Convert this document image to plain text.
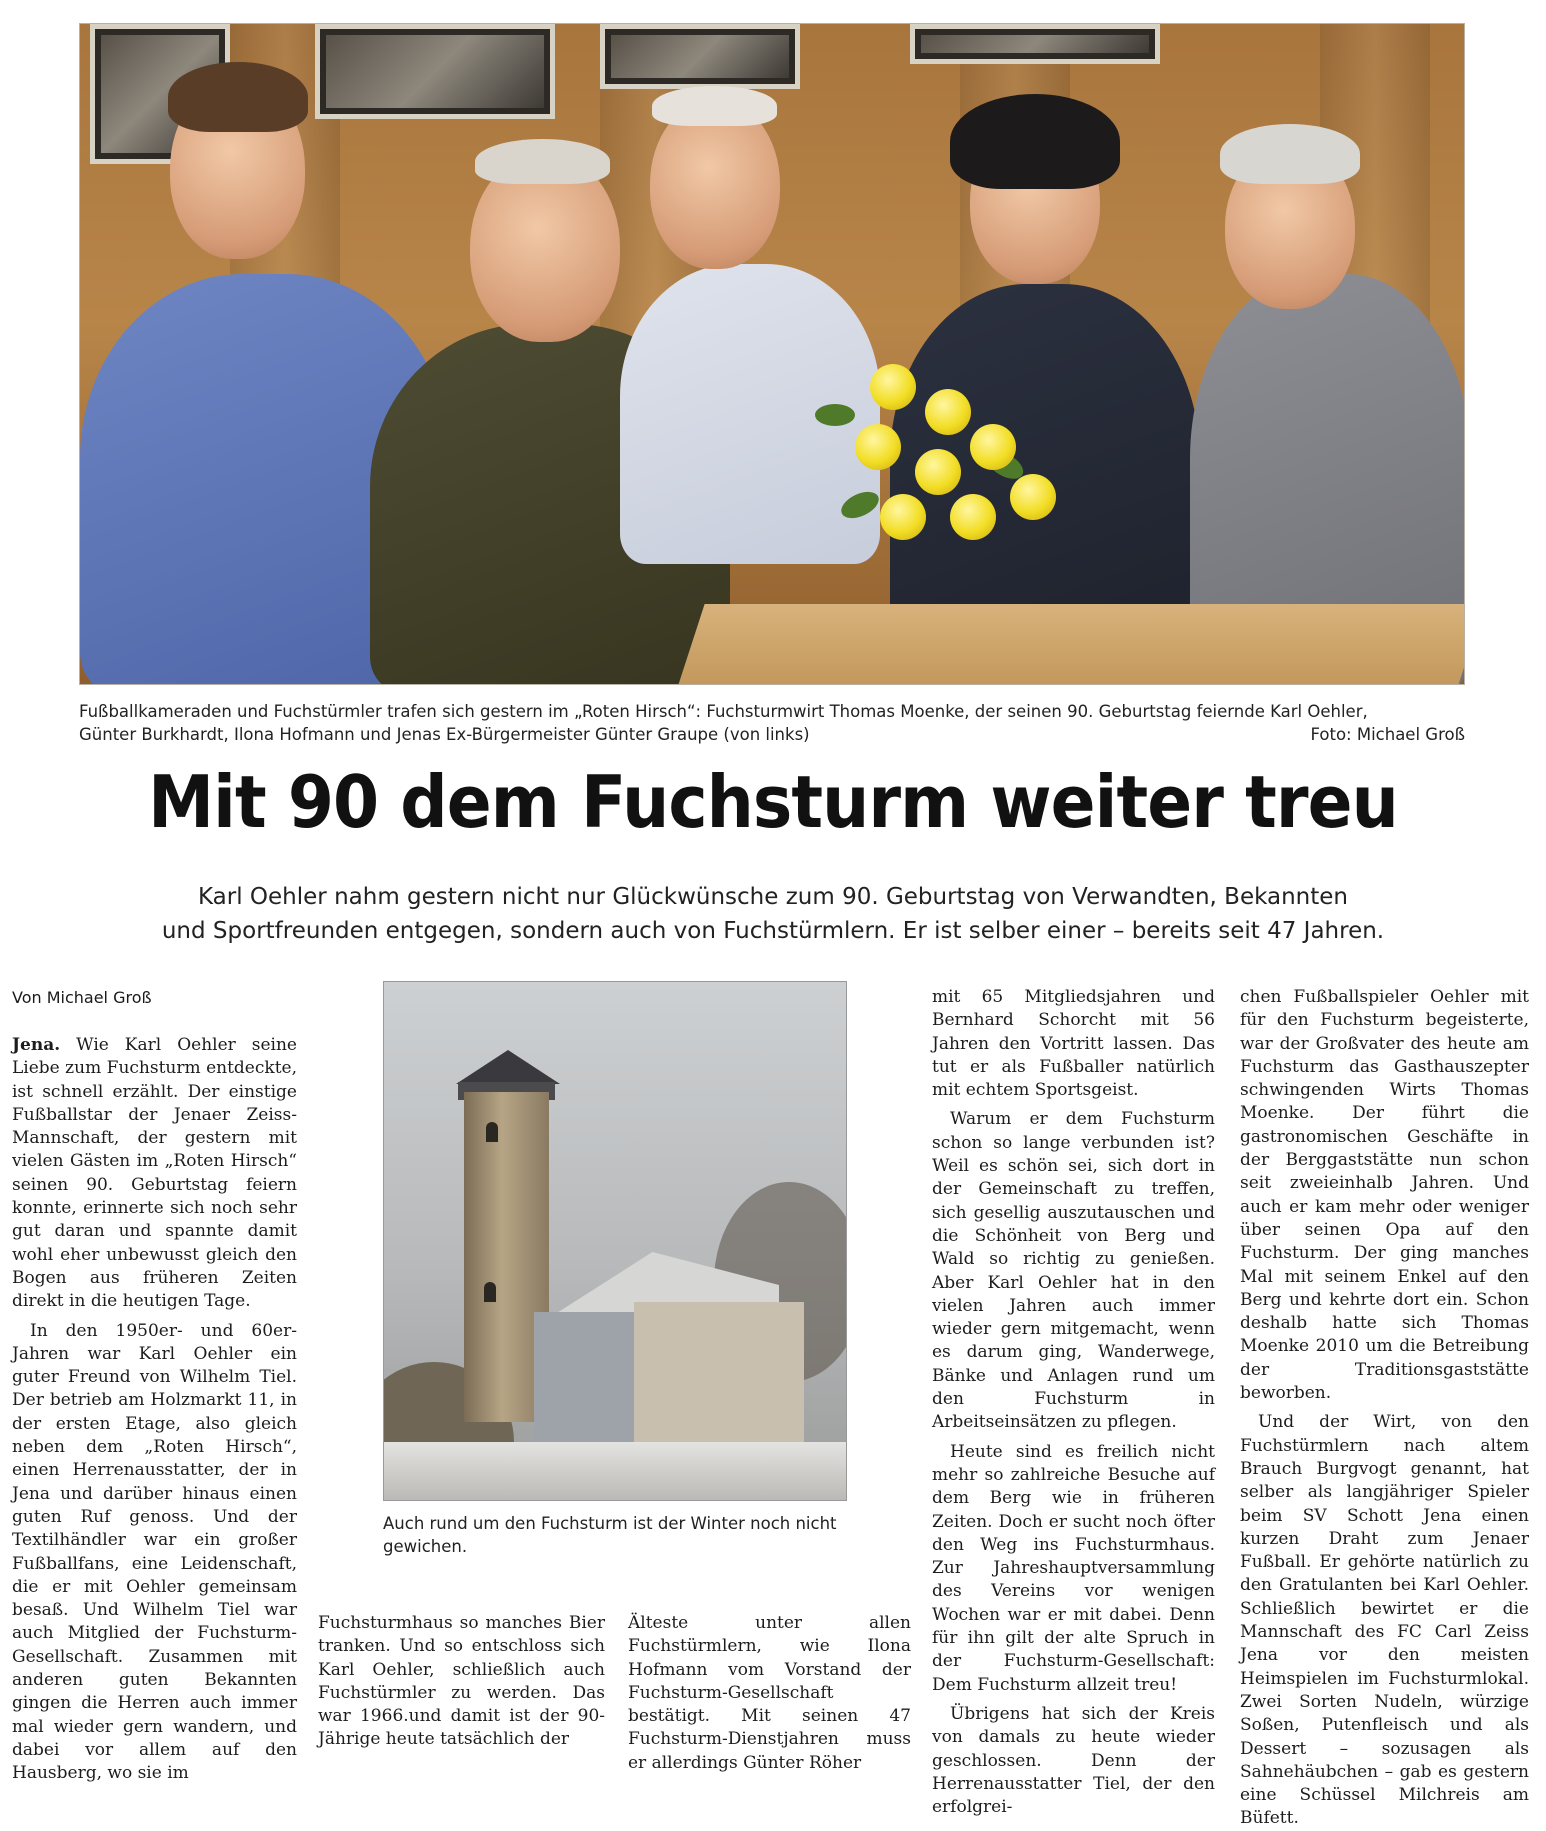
Fußballkameraden und Fuchstürmler trafen sich gestern im „Roten Hirsch“: Fuchsturmwirt Thomas Moenke, der seinen 90. Geburtstag feiernde Karl Oehler,
Günter Burkhardt, Ilona Hofmann und Jenas Ex-Bürgermeister Günter Graupe (von links)	Foto: Michael Groß
Mit 90 dem Fuchsturm weiter treu
Karl Oehler nahm gestern nicht nur Glückwünsche zum 90. Geburtstag von Verwandten, Bekannten
und Sportfreunden entgegen, sondern auch von Fuchstürmlern. Er ist selber einer – bereits seit 47 Jahren.
Von Michael Groß

Jena. Wie Karl Oehler seine Liebe zum Fuchsturm entdeckte, ist schnell erzählt. Der einstige Fußballstar der Jenaer Zeiss-Mannschaft, der gestern mit vielen Gästen im „Roten Hirsch“ seinen 90. Geburtstag feiern konnte, erinnerte sich noch sehr gut daran und spannte damit wohl eher unbewusst gleich den Bogen aus früheren Zeiten direkt in die heutigen Tage.

In den 1950er- und 60er-Jahren war Karl Oehler ein guter Freund von Wilhelm Tiel. Der betrieb am Holzmarkt 11, in der ersten Etage, also gleich neben dem „Roten Hirsch“, einen Herrenausstatter, der in Jena und darüber hinaus einen guten Ruf genoss. Und der Textilhändler war ein großer Fußballfans, eine Leidenschaft, die er mit Oehler gemeinsam besaß. Und Wilhelm Tiel war auch Mitglied der Fuchsturm-Gesellschaft. Zusammen mit anderen guten Bekannten gingen die Herren auch immer mal wieder gern wandern, und dabei vor allem auf den Hausberg, wo sie im

Auch rund um den Fuchsturm ist der Winter noch nicht gewichen.

Fuchsturmhaus so manches Bier tranken. Und so entschloss sich Karl Oehler, schließlich auch Fuchstürmler zu werden. Das war 1966.und damit ist der 90-Jährige heute tatsächlich der

Älteste unter allen Fuchstürmlern, wie Ilona Hofmann vom Vorstand der Fuchsturm-Gesellschaft bestätigt. Mit seinen 47 Fuchsturm-Dienstjahren muss er allerdings Günter Röher

mit 65 Mitgliedsjahren und Bernhard Schorcht mit 56 Jahren den Vortritt lassen. Das tut er als Fußballer natürlich mit echtem Sportsgeist.

Warum er dem Fuchsturm schon so lange verbunden ist? Weil es schön sei, sich dort in der Gemeinschaft zu treffen, sich gesellig auszutauschen und die Schönheit von Berg und Wald so richtig zu genießen. Aber Karl Oehler hat in den vielen Jahren auch immer wieder gern mitgemacht, wenn es darum ging, Wanderwege, Bänke und Anlagen rund um den Fuchsturm in Arbeitseinsätzen zu pflegen.

Heute sind es freilich nicht mehr so zahlreiche Besuche auf dem Berg wie in früheren Zeiten. Doch er sucht noch öfter den Weg ins Fuchsturmhaus. Zur Jahreshauptversammlung des Vereins vor wenigen Wochen war er mit dabei. Denn für ihn gilt der alte Spruch in der Fuchsturm-Gesellschaft: Dem Fuchsturm allzeit treu!

Übrigens hat sich der Kreis von damals zu heute wieder geschlossen. Denn der Herrenausstatter Tiel, der den erfolgrei-

chen Fußballspieler Oehler mit für den Fuchsturm begeisterte, war der Großvater des heute am Fuchsturm das Gasthauszepter schwingenden Wirts Thomas Moenke. Der führt die gastronomischen Geschäfte in der Berggaststätte nun schon seit zweieinhalb Jahren. Und auch er kam mehr oder weniger über seinen Opa auf den Fuchsturm. Der ging manches Mal mit seinem Enkel auf den Berg und kehrte dort ein. Schon deshalb hatte sich Thomas Moenke 2010 um die Betreibung der Traditionsgaststätte beworben.

Und der Wirt, von den Fuchstürmlern nach altem Brauch Burgvogt genannt, hat selber als langjähriger Spieler beim SV Schott Jena einen kurzen Draht zum Jenaer Fußball. Er gehörte natürlich zu den Gratulanten bei Karl Oehler. Schließlich bewirtet er die Mannschaft des FC Carl Zeiss Jena vor den meisten Heimspielen im Fuchsturmlokal. Zwei Sorten Nudeln, würzige Soßen, Putenfleisch und als Dessert – sozusagen als Sahnehäubchen – gab es gestern eine Schüssel Milchreis am Büfett.
